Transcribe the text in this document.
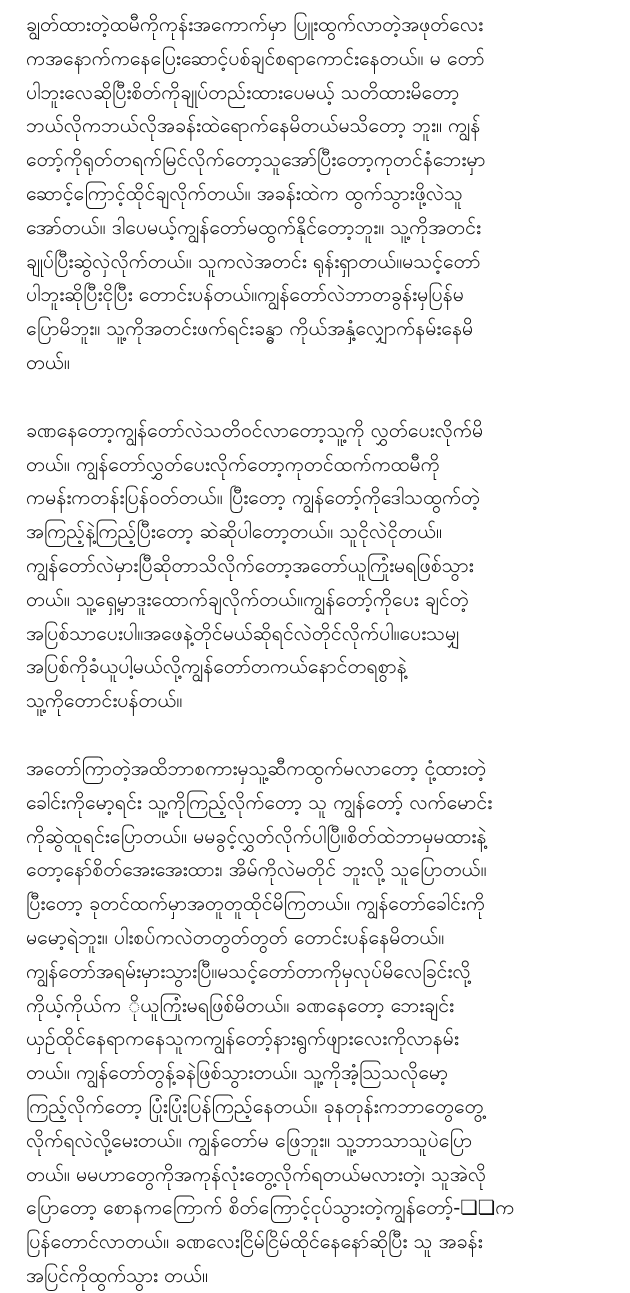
ချွတ်ထားတဲ့ထမီကိုကုန်းအကောက်မှာ ပြူးထွက်လာတဲ့အဖုတ်လေး
ကအနောက်ကနေပြေးဆောင့်ပစ်ချင်စရာကောင်းနေတယ်။ မ တော်
ပါဘူးလေဆိုပြီးစိတ်ကိုချုပ်တည်းထားပေမယ့် သတိထားမိတော့
ဘယ်လိုကဘယ်လိုအခန်းထဲရောက်နေမိတယ်မသိတော့ ဘူး။ ကျွန်
တော့်ကိုရုတ်တရက်မြင်လိုက်တော့သူအော်ပြီးတော့ကုတင်နံဘေးမှာ
ဆောင့်ကြောင့်ထိုင်ချလိုက်တယ်။ အခန်းထဲက ထွက်သွားဖို့လဲသူ
အော်တယ်။ ဒါပေမယ့်ကျွန်တော်မထွက်နိုင်တော့ဘူး။ သူ့ကိုအတင်း
ချုပ်ပြီးဆွဲလှဲလိုက်တယ်။ သူကလဲအတင်း ရုန်းရှာတယ်။မသင့်တော်
ပါဘူးဆိုပြီးငိုပြီး တောင်းပန်တယ်။ကျွန်တော်လဲဘာတခွန်းမှပြန်မ
ပြောမိဘူး။ သူ့ကိုအတင်းဖက်ရင်းခန္ဓာ ကိုယ်အနှံ့လျှောက်နမ်းနေမိ
တယ်။
ခဏနေတော့ကျွန်တော်လဲသတိဝင်လာတော့သူ့ကို လွှတ်ပေးလိုက်မိ
တယ်။ ကျွန်တော်လွှတ်ပေးလိုက်တော့ကုတင်ထက်ကထမီကို
ကမန်းကတန်းပြန်ဝတ်တယ်။ ပြီးတော့ ကျွန်တော့်ကိုဒေါသထွက်တဲ့
အကြည့်နဲ့ကြည့်ပြီးတော့ ဆဲဆိုပါတော့တယ်။ သူငိုလဲငိုတယ်။
ကျွန်တော်လဲမှားပြီဆိုတာသိလိုက်တော့အတော်ယူကြုံးမရဖြစ်သွား
တယ်။ သူ့ရှေ့မှာဒူးထောက်ချလိုက်တယ်။ကျွန်တော့်ကိုပေး ချင်တဲ့
အပြစ်သာပေးပါ။အဖေနဲ့တိုင်မယ်ဆိုရင်လဲတိုင်လိုက်ပါ။ပေးသမျှ
အပြစ်ကိုခံယူပါ့မယ်လို့ကျွန်တော်တကယ်နောင်တရစွာနဲ့
သူ့ကိုတောင်းပန်တယ်။
အတော်ကြာတဲ့အထိဘာစကားမှသူ့ဆီကထွက်မလာတော့ ငုံ့ထားတဲ့
ခေါင်းကိုမော့ရင်း သူ့ကိုကြည့်လိုက်တော့ သူ ကျွန်တော့် လက်မောင်း
ကိုဆွဲထူရင်းပြောတယ်။ မမခွင့်လွှတ်လိုက်ပါပြီ။စိတ်ထဲဘာမှမထားနဲ့
တော့နော်စိတ်အေးအေးထား၊ အိမ်ကိုလဲမတိုင် ဘူးလို့ သူပြောတယ်။
ပြီးတော့ ခုတင်ထက်မှာအတူတူထိုင်မိကြတယ်။ ကျွန်တော်ခေါင်းကို
မမော့ရဲဘူး။ ပါးစပ်ကလဲတတွတ်တွတ် တောင်းပန်နေမိတယ်။
ကျွန်တော်အရမ်းမှားသွားပြီ။မသင့်တော်တာကိုမှလုပ်မိလေခြင်းလို့
ကိုယ့်ကိုယ်က ိုယူကြုံးမရဖြစ်မိတယ်။ ခဏနေတော့ ဘေးချင်း
ယှဉ်ထိုင်နေရာကနေသူကကျွန်တော့်နားရွက်ဖျားလေးကိုလာနမ်း
တယ်။ ကျွန်တော်တွန့်ခနဲဖြစ်သွားတယ်။ သူ့ကိုအံ့သြသလိုမော့
ကြည့်လိုက်တော့ ပြုံးပြုံးပြန်ကြည့်နေတယ်။ ခုနတုန်းကဘာတွေတွေ့
လိုက်ရလဲလို့မေးတယ်။ ကျွန်တော်မ ဖြေဘူး။ သူ့ဘာသာသူပဲပြော
တယ်။ မမဟာတွေကိုအကုန်လုံးတွေ့လိုက်ရတယ်မလားတဲ့၊ သူအဲလို
ပြောတော့ စောနကကြောက် စိတ်ကြောင့်ငုပ်သွားတဲ့ကျွန်တော့်-❏❏က
ပြန်တောင်လာတယ်။ ခဏလေးငြိမ်ငြိမ်ထိုင်နေနော်ဆိုပြီး သူ အခန်း
အပြင်ကိုထွက်သွား တယ်။
